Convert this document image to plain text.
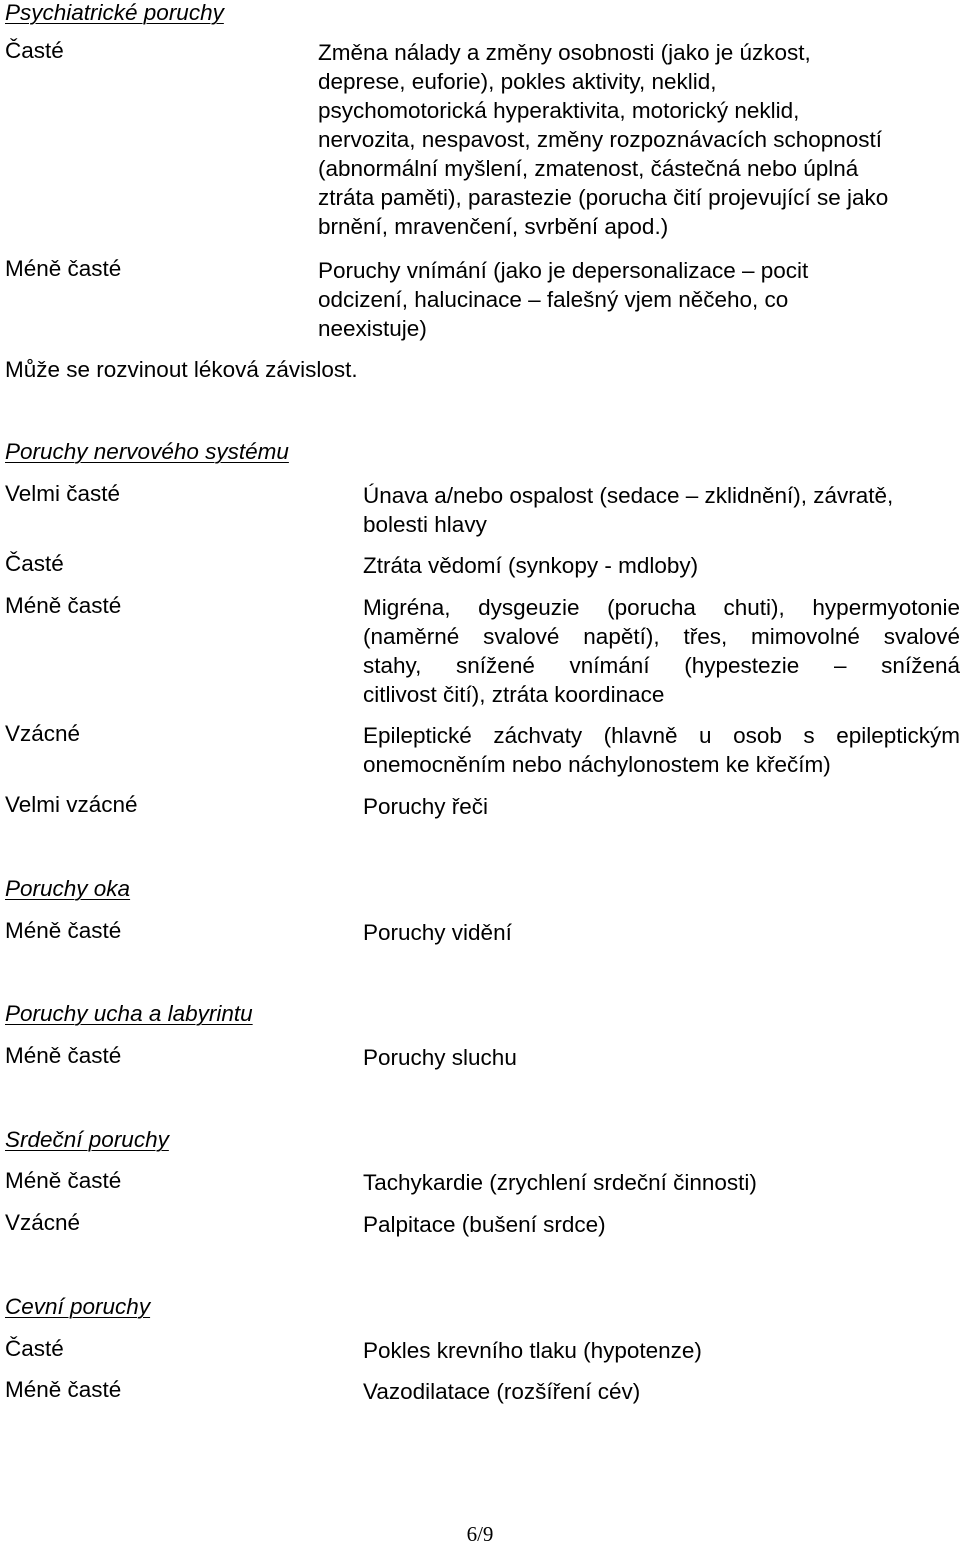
Psychiatrické poruchy
Časté	Změna nálady a změny osobnosti (jako je úzkost,
deprese, euforie), pokles aktivity, neklid,
psychomotorická hyperaktivita, motorický neklid,
nervozita, nespavost, změny rozpoznávacích schopností
(abnormální myšlení, zmatenost, částečná nebo úplná
ztráta paměti), parastezie (porucha čití projevující se jako
brnění, mravenčení, svrbění apod.)
Méně časté	Poruchy vnímání (jako je depersonalizace – pocit
odcizení, halucinace – falešný vjem něčeho, co
neexistuje)
Může se rozvinout léková závislost.
Poruchy nervového systému
Velmi časté	Únava a/nebo ospalost (sedace – zklidnění), závratě,
bolesti hlavy
Časté	Ztráta vědomí (synkopy - mdloby)
Méně časté	Migréna, dysgeuzie (porucha chuti), hypermyotonie
(naměrné svalové napětí), třes, mimovolné svalové
stahy, snížené vnímání (hypestezie – snížená
citlivost čití), ztráta koordinace
Vzácné	Epileptické záchvaty (hlavně u osob s epileptickým
onemocněním nebo náchylonostem ke křečím)
Velmi vzácné	Poruchy řeči
Poruchy oka
Méně časté	Poruchy vidění
Poruchy ucha a labyrintu
Méně časté	Poruchy sluchu
Srdeční poruchy
Méně časté	Tachykardie (zrychlení srdeční činnosti)
Vzácné	Palpitace (bušení srdce)
Cevní poruchy
Časté	Pokles krevního tlaku (hypotenze)
Méně časté	Vazodilatace (rozšíření cév)
6/9
